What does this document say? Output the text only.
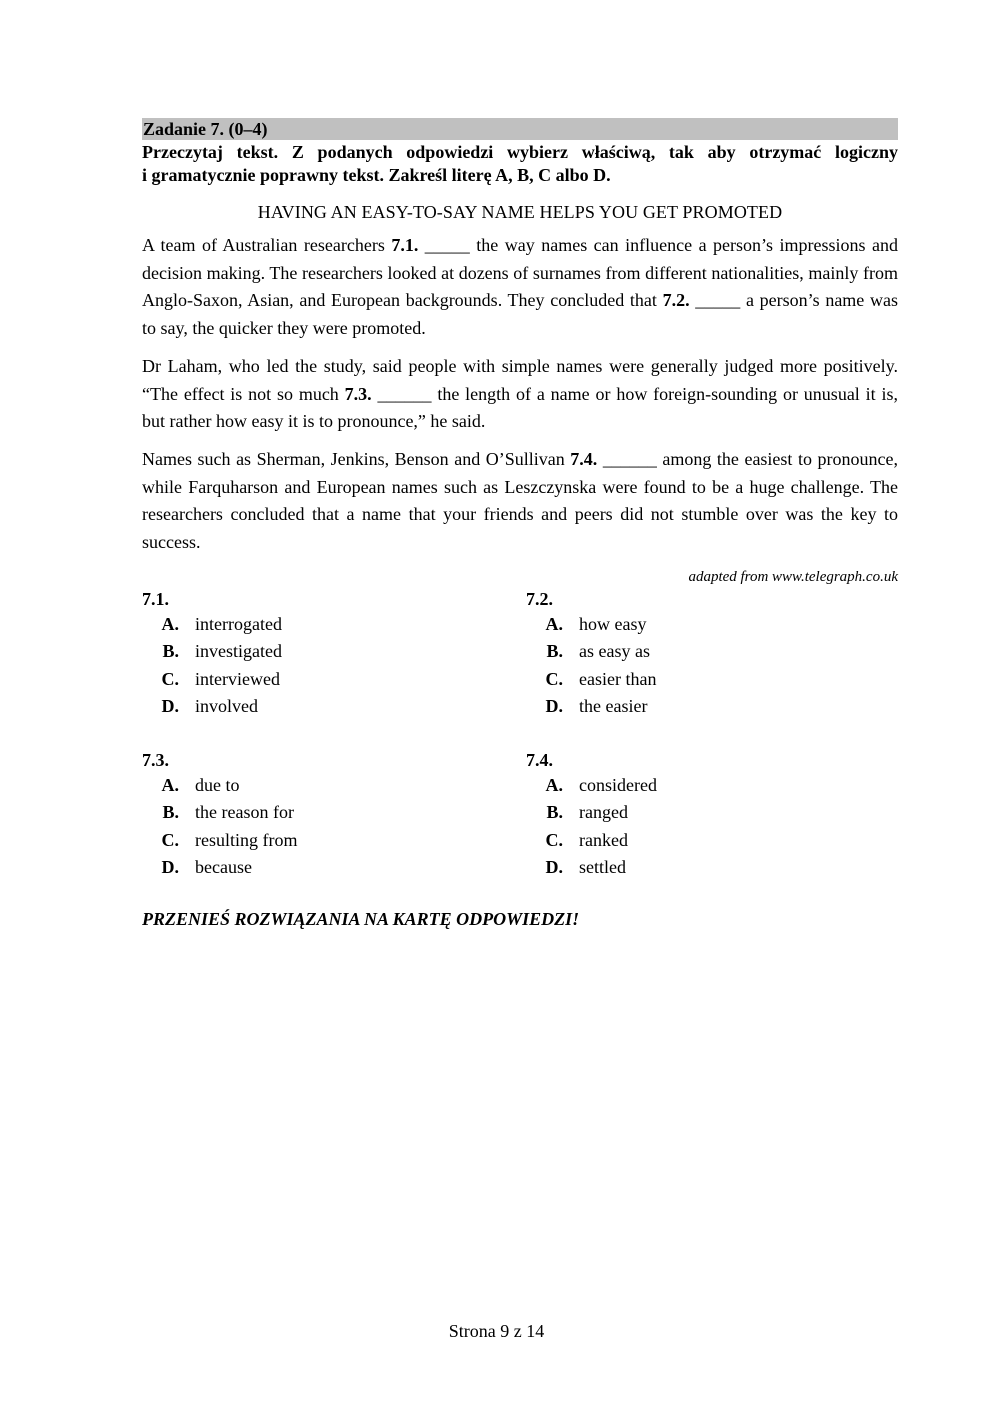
Zadanie 7. (0–4)

Przeczytaj tekst. Z podanych odpowiedzi wybierz właściwą, tak aby otrzymać logiczny

i gramatycznie poprawny tekst. Zakreśl literę A, B, C albo D.

HAVING AN EASY-TO-SAY NAME HELPS YOU GET PROMOTED

A team of Australian researchers 7.1. _____ the way names can influence a person’s impressions and decision making. The researchers looked at dozens of surnames from different nationalities, mainly from Anglo-Saxon, Asian, and European backgrounds. They concluded that 7.2. _____ a person’s name was to say, the quicker they were promoted.

Dr Laham, who led the study, said people with simple names were generally judged more positively. “The effect is not so much 7.3. ______ the length of a name or how foreign-sounding or unusual it is, but rather how easy it is to pronounce,” he said.

Names such as Sherman, Jenkins, Benson and O’Sullivan 7.4. ______ among the easiest to pronounce, while Farquharson and European names such as Leszczynska were found to be a huge challenge. The researchers concluded that a name that your friends and peers did not stumble over was the key to success.

adapted from www.telegraph.co.uk
7.1.
A. interrogated
B. investigated
C. interviewed
D. involved
7.2.
A. how easy
B. as easy as
C. easier than
D. the easier
7.3.
A. due to
B. the reason for
C. resulting from
D. because
7.4.
A. considered
B. ranged
C. ranked
D. settled
PRZENIEŚ ROZWIĄZANIA NA KARTĘ ODPOWIEDZI!
Strona 9 z 14
